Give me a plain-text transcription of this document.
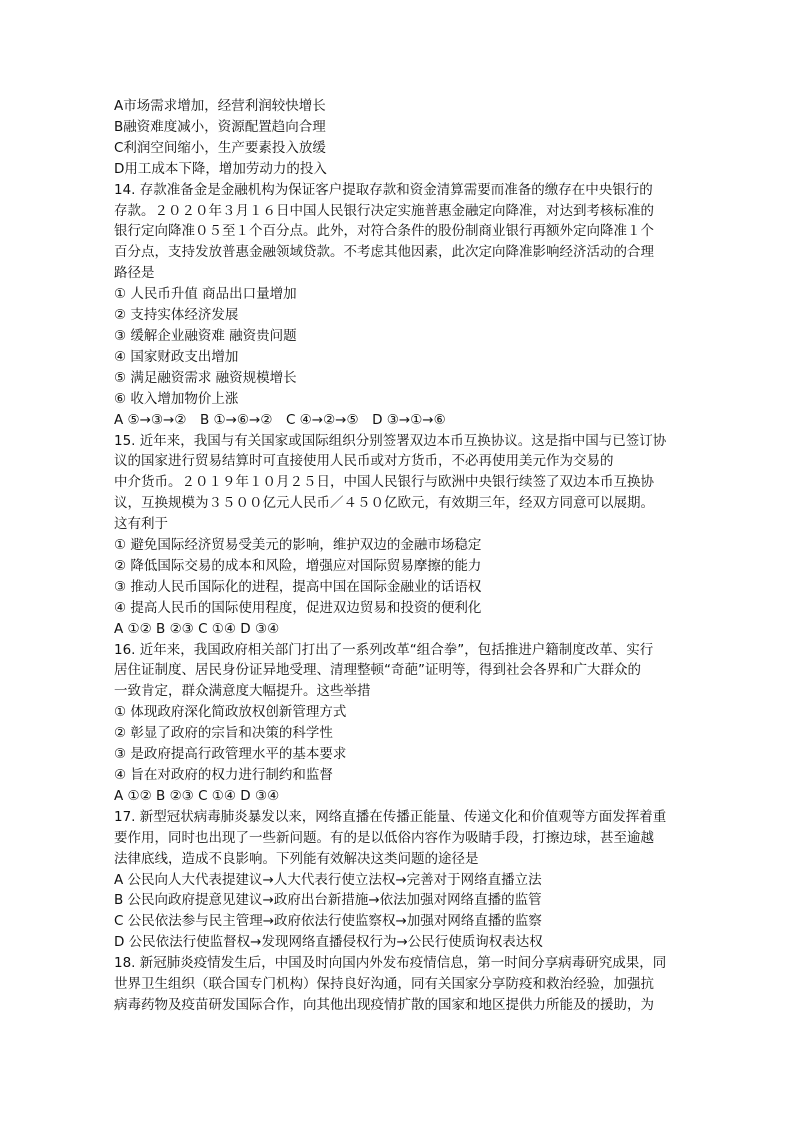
A市场需求增加，经营利润较快增长

B融资难度减小，资源配置趋向合理

C利润空间缩小，生产要素投入放缓

D用工成本下降，增加劳动力的投入

14. 存款准备金是金融机构为保证客户提取存款和资金清算需要而准备的缴存在中央银行的

存款。２０２０年３月１６日中国人民银行决定实施普惠金融定向降准，对达到考核标准的

银行定向降准０５至１个百分点。此外，对符合条件的股份制商业银行再额外定向降准１个

百分点，支持发放普惠金融领域贷款。不考虑其他因素，此次定向降准影响经济活动的合理

路径是

① 人民币升值 商品出口量增加

② 支持实体经济发展

③ 缓解企业融资难 融资贵问题

④ 国家财政支出增加

⑤ 满足融资需求 融资规模增长

⑥ 收入增加物价上涨

A ⑤→③→②　B ①→⑥→②　C ④→②→⑤　D ③→①→⑥

15. 近年来，我国与有关国家或国际组织分别签署双边本币互换协议。这是指中国与已签订协

议的国家进行贸易结算时可直接使用人民币或对方货币，不必再使用美元作为交易的

中介货币。２０１９年１０月２５日，中国人民银行与欧洲中央银行续签了双边本币互换协

议，互换规模为３５００亿元人民币／４５０亿欧元，有效期三年，经双方同意可以展期。

这有利于

① 避免国际经济贸易受美元的影响，维护双边的金融市场稳定

② 降低国际交易的成本和风险，增强应对国际贸易摩擦的能力

③ 推动人民币国际化的进程，提高中国在国际金融业的话语权

④ 提高人民币的国际使用程度，促进双边贸易和投资的便利化

A ①② B ②③ C ①④ D ③④

16. 近年来，我国政府相关部门打出了一系列改革“组合拳”，包括推进户籍制度改革、实行

居住证制度、居民身份证异地受理、清理整顿“奇葩”证明等，得到社会各界和广大群众的

一致肯定，群众满意度大幅提升。这些举措

① 体现政府深化简政放权创新管理方式

② 彰显了政府的宗旨和决策的科学性

③ 是政府提高行政管理水平的基本要求

④ 旨在对政府的权力进行制约和监督

A ①② B ②③ C ①④ D ③④

17. 新型冠状病毒肺炎暴发以来，网络直播在传播正能量、传递文化和价值观等方面发挥着重

要作用，同时也出现了一些新问题。有的是以低俗内容作为吸睛手段，打擦边球，甚至逾越

法律底线，造成不良影响。下列能有效解决这类问题的途径是

A 公民向人大代表提建议→人大代表行使立法权→完善对于网络直播立法

B 公民向政府提意见建议→政府出台新措施→依法加强对网络直播的监管

C 公民依法参与民主管理→政府依法行使监察权→加强对网络直播的监察

D 公民依法行使监督权→发现网络直播侵权行为→公民行使质询权表达权

18. 新冠肺炎疫情发生后，中国及时向国内外发布疫情信息，第一时间分享病毒研究成果，同

世界卫生组织（联合国专门机构）保持良好沟通，同有关国家分享防疫和救治经验，加强抗

病毒药物及疫苗研发国际合作，向其他出现疫情扩散的国家和地区提供力所能及的援助，为
